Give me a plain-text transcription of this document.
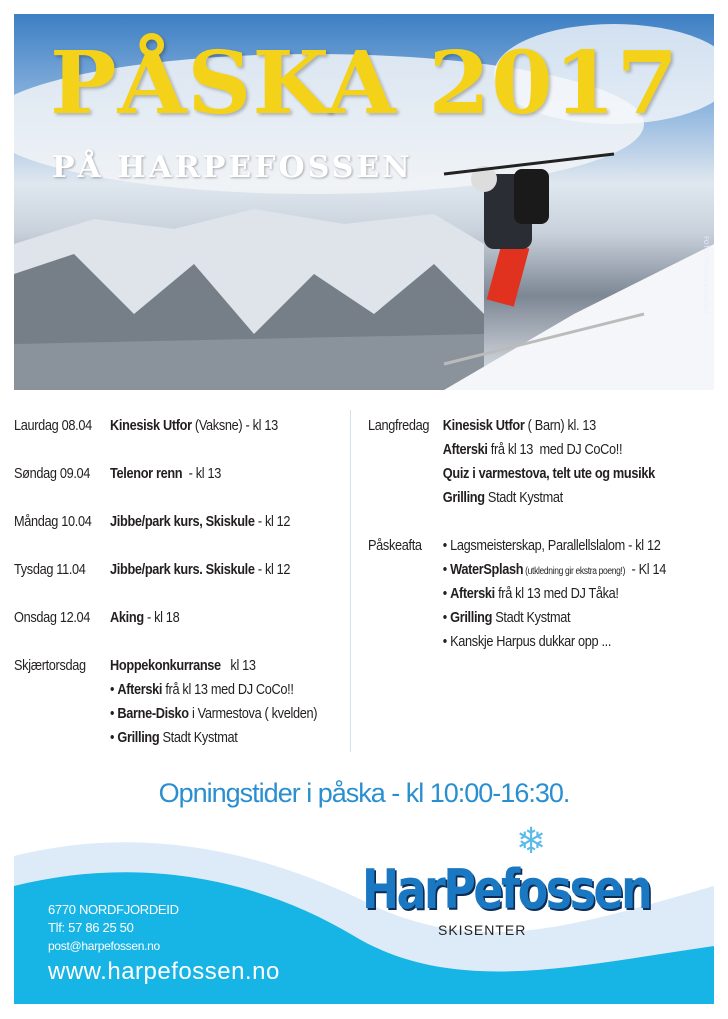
PÅSKA 2017
PÅ HARPEFOSSEN
FOTO: THOMAS BICHARDT
Laurdag 08.04	Kinesisk Utfor (Vaksne) - kl 13
Søndag 09.04	Telenor renn  - kl 13
Måndag 10.04	Jibbe/park kurs, Skiskule - kl 12
Tysdag 11.04	Jibbe/park kurs. Skiskule - kl 12
Onsdag 12.04	Aking - kl 18
Skjærtorsdag	Hoppekonkurranse   kl 13
• Afterski frå kl 13 med DJ CoCo!!
• Barne-Disko i Varmestova ( kvelden)
• Grilling Stadt Kystmat
Langfredag Kinesisk Utfor ( Barn) kl. 13
Afterski frå kl 13  med DJ CoCo!!
Quiz i varmestova, telt ute og musikk
Grilling Stadt Kystmat
Påskeafta	• Lagsmeisterskap, Parallellslalom - kl 12
• WaterSplash (utkledning gir ekstra poeng!)  - Kl 14
• Afterski frå kl 13 med DJ Tåka!
• Grilling Stadt Kystmat
• Kanskje Harpus dukkar opp ...
Opningstider i påska - kl 10:00-16:30.
❄
HarPefossen
SKISENTER
6770 NORDFJORDEID
Tlf: 57 86 25 50
post@harpefossen.no
www.harpefossen.no
